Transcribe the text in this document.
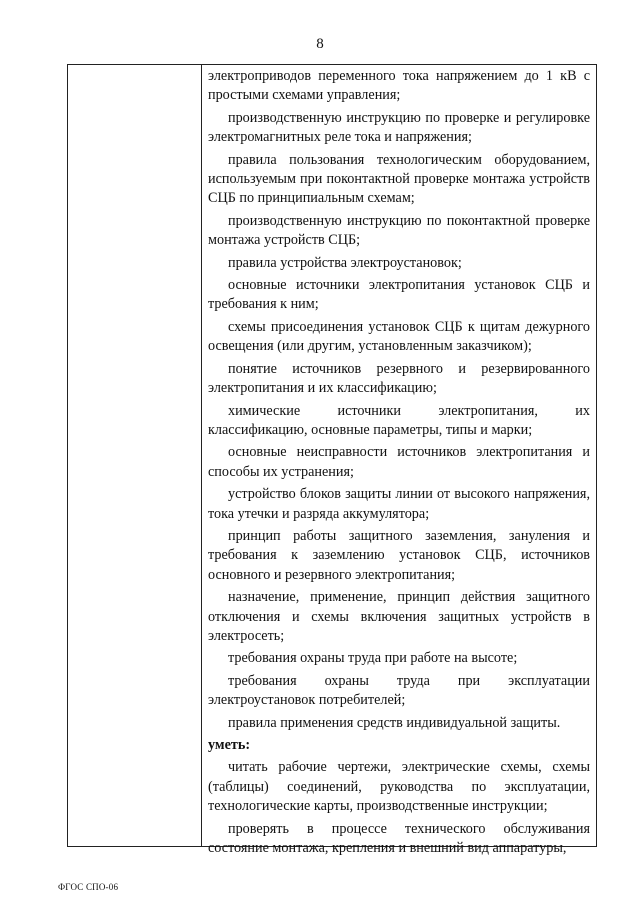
8

электроприводов переменного тока напряжением до 1 кВ с простыми схемами управления;

производственную инструкцию по проверке и регулировке электромагнитных реле тока и напряжения;

правила пользования технологическим оборудованием, используемым при поконтактной проверке монтажа устройств СЦБ по принципиальным схемам;

производственную инструкцию по поконтактной проверке монтажа устройств СЦБ;

правила устройства электроустановок;

основные источники электропитания установок СЦБ и требования к ним;

схемы присоединения установок СЦБ к щитам дежурного освещения (или другим, установленным заказчиком);

понятие источников резервного и резервированного электропитания и их классификацию;

химические источники электропитания, их классификацию, основные параметры, типы и марки;

основные неисправности источников электропитания и способы их устранения;

устройство блоков защиты линии от высокого напряжения, тока утечки и разряда аккумулятора;

принцип работы защитного заземления, зануления и требования к заземлению установок СЦБ, источников основного и резервного электропитания;

назначение, применение, принцип действия защитного отключения и схемы включения защитных устройств в электросеть;

требования охраны труда при работе на высоте;

требования охраны труда при эксплуатации электроустановок потребителей;

правила применения средств индивидуальной защиты.

уметь:

читать рабочие чертежи, электрические схемы, схемы (таблицы) соединений, руководства по эксплуатации, технологические карты, производственные инструкции;

проверять в процессе технического обслуживания состояние монтажа, крепления и внешний вид аппаратуры,

ФГОС СПО-06
